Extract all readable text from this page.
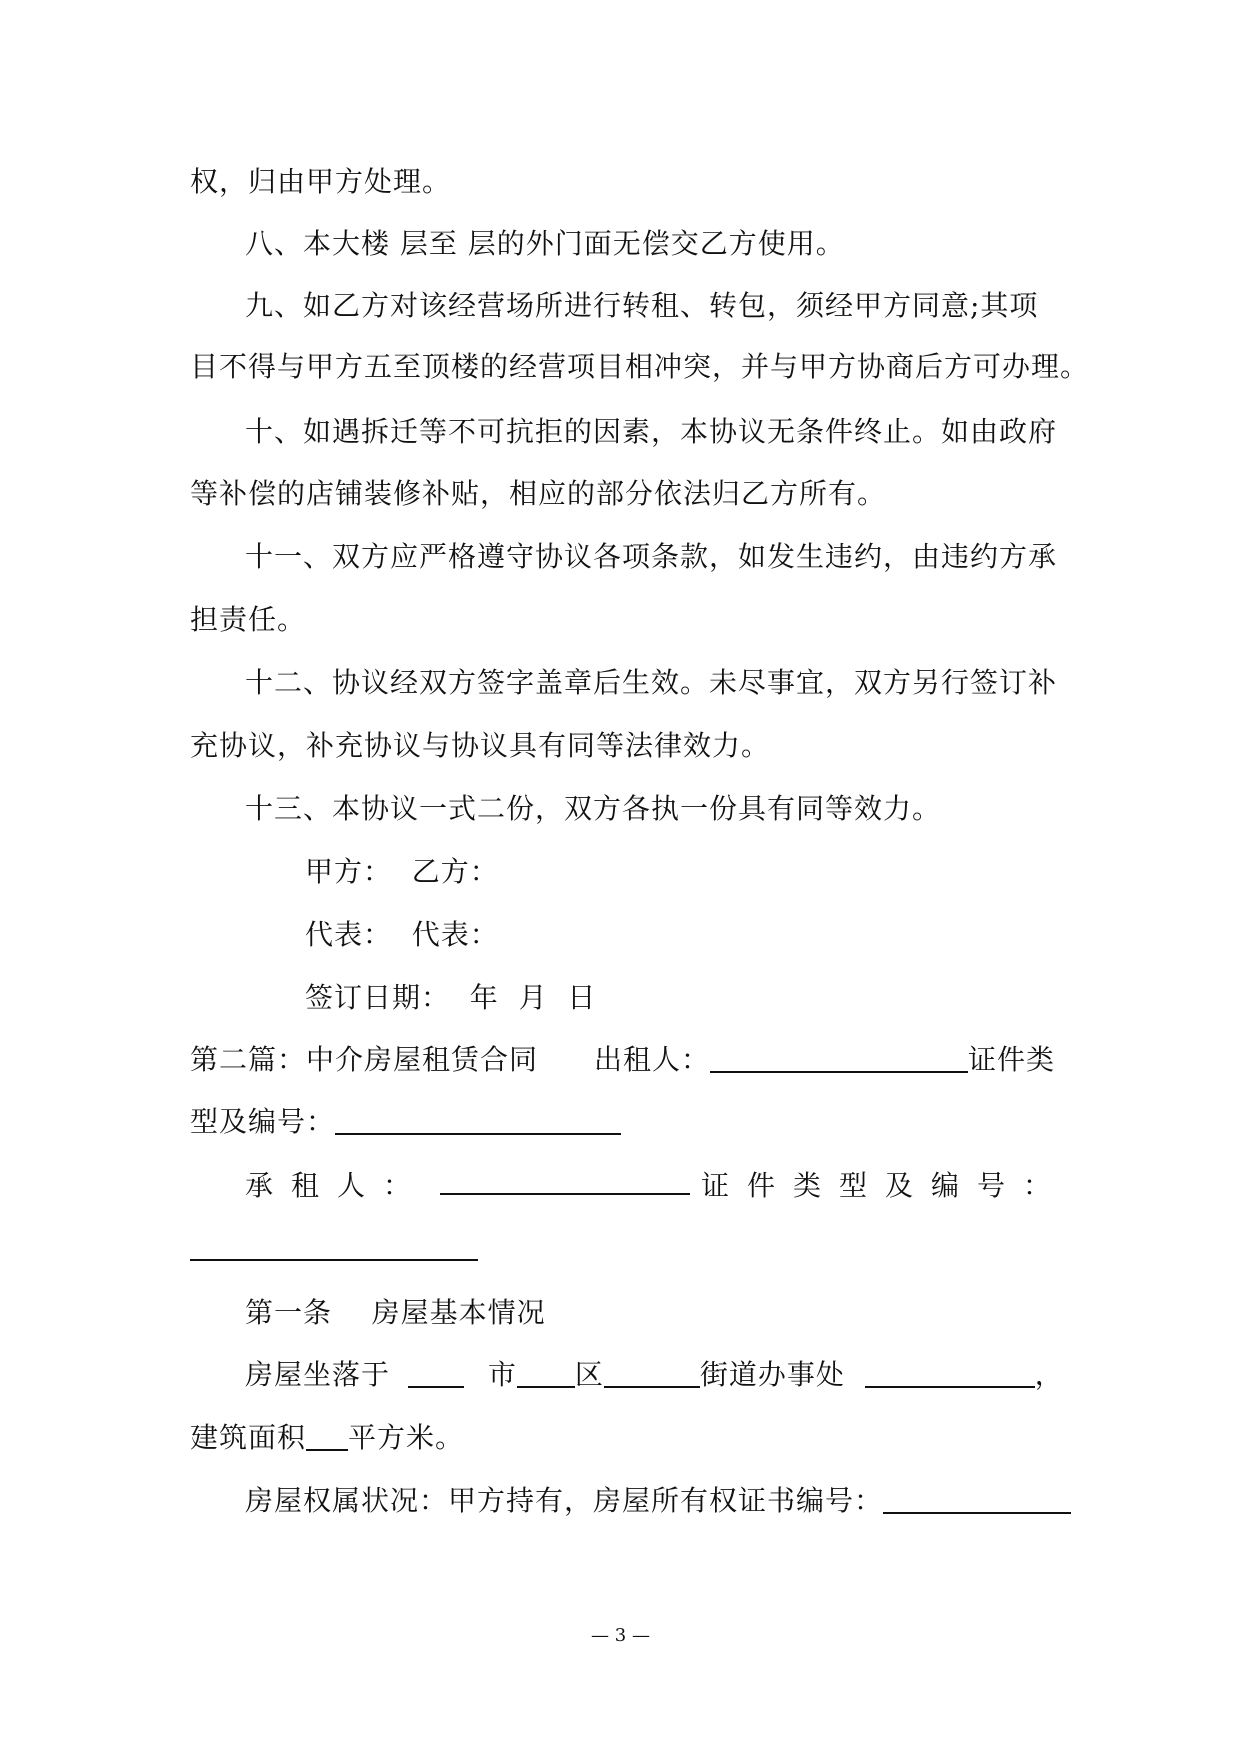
权，归由甲方处理。
八、本大楼 层至 层的外门面无偿交乙方使用。
九、如乙方对该经营场所进行转租、转包，须经甲方同意;其项
目不得与甲方五至顶楼的经营项目相冲突，并与甲方协商后方可办理。
十、如遇拆迁等不可抗拒的因素，本协议无条件终止。如由政府
等补偿的店铺装修补贴，相应的部分依法归乙方所有。
十一、双方应严格遵守协议各项条款，如发生违约，由违约方承
担责任。
十二、协议经双方签字盖章后生效。未尽事宜，双方另行签订补
充协议，补充协议与协议具有同等法律效力。
十三、本协议一式二份，双方各执一份具有同等效力。
甲方：  乙方：
代表：  代表：
签订日期：  年  月  日
第二篇：中介房屋租赁合同 出租人：	证件类
型及编号：
承租人：	证件类型及编号：
第一条    房屋基本情况
房屋坐落于	市 区	街道办事处	，
建筑面积 平方米。
房屋权属状况：甲方持有，房屋所有权证书编号：
— 3 —
